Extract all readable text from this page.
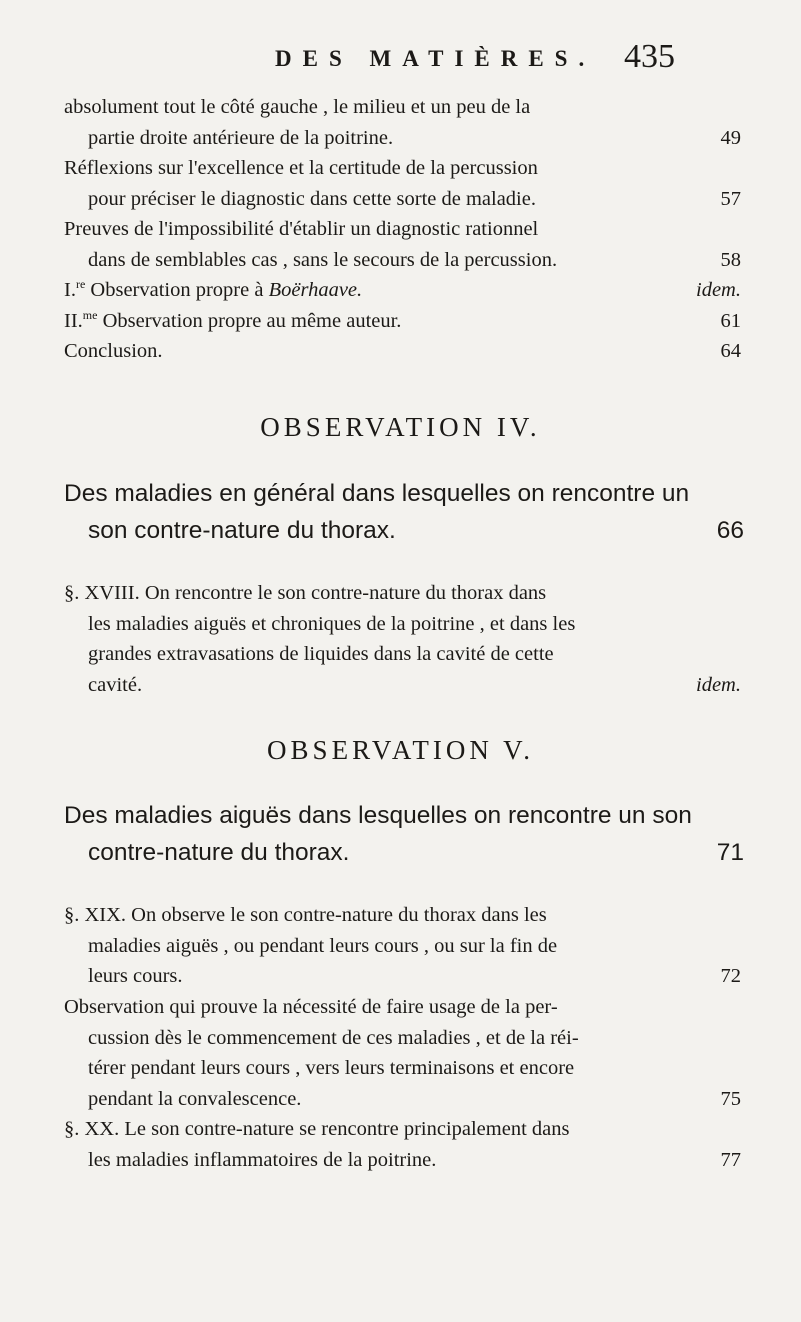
DES MATIÈRES. 435
absolument tout le côté gauche , le milieu et un peu de la
partie droite antérieure de la poitrine.	49
Réflexions sur l'excellence et la certitude de la percussion
pour préciser le diagnostic dans cette sorte de maladie.	57
Preuves de l'impossibilité d'établir un diagnostic rationnel
dans de semblables cas , sans le secours de la percussion.	58
I.$^{re}$ Observation propre à Boërhaave.	idem.
II.$^{me}$ Observation propre au même auteur.	61
Conclusion.	64
OBSERVATION IV.
Des maladies en général dans lesquelles on rencontre un
son contre-nature du thorax.	66
§. XVIII. On rencontre le son contre-nature du thorax dans
les maladies aiguës et chroniques de la poitrine , et dans les
grandes extravasations de liquides dans la cavité de cette
cavité.	idem.
OBSERVATION V.
Des maladies aiguës dans lesquelles on rencontre un son
contre-nature du thorax.	71
§. XIX. On observe le son contre-nature du thorax dans les
maladies aiguës , ou pendant leurs cours , ou sur la fin de
leurs cours.	72
Observation qui prouve la nécessité de faire usage de la per-
cussion dès le commencement de ces maladies , et de la réi-
térer pendant leurs cours , vers leurs terminaisons et encore
pendant la convalescence.	75
§. XX. Le son contre-nature se rencontre principalement dans
les maladies inflammatoires de la poitrine.	77
